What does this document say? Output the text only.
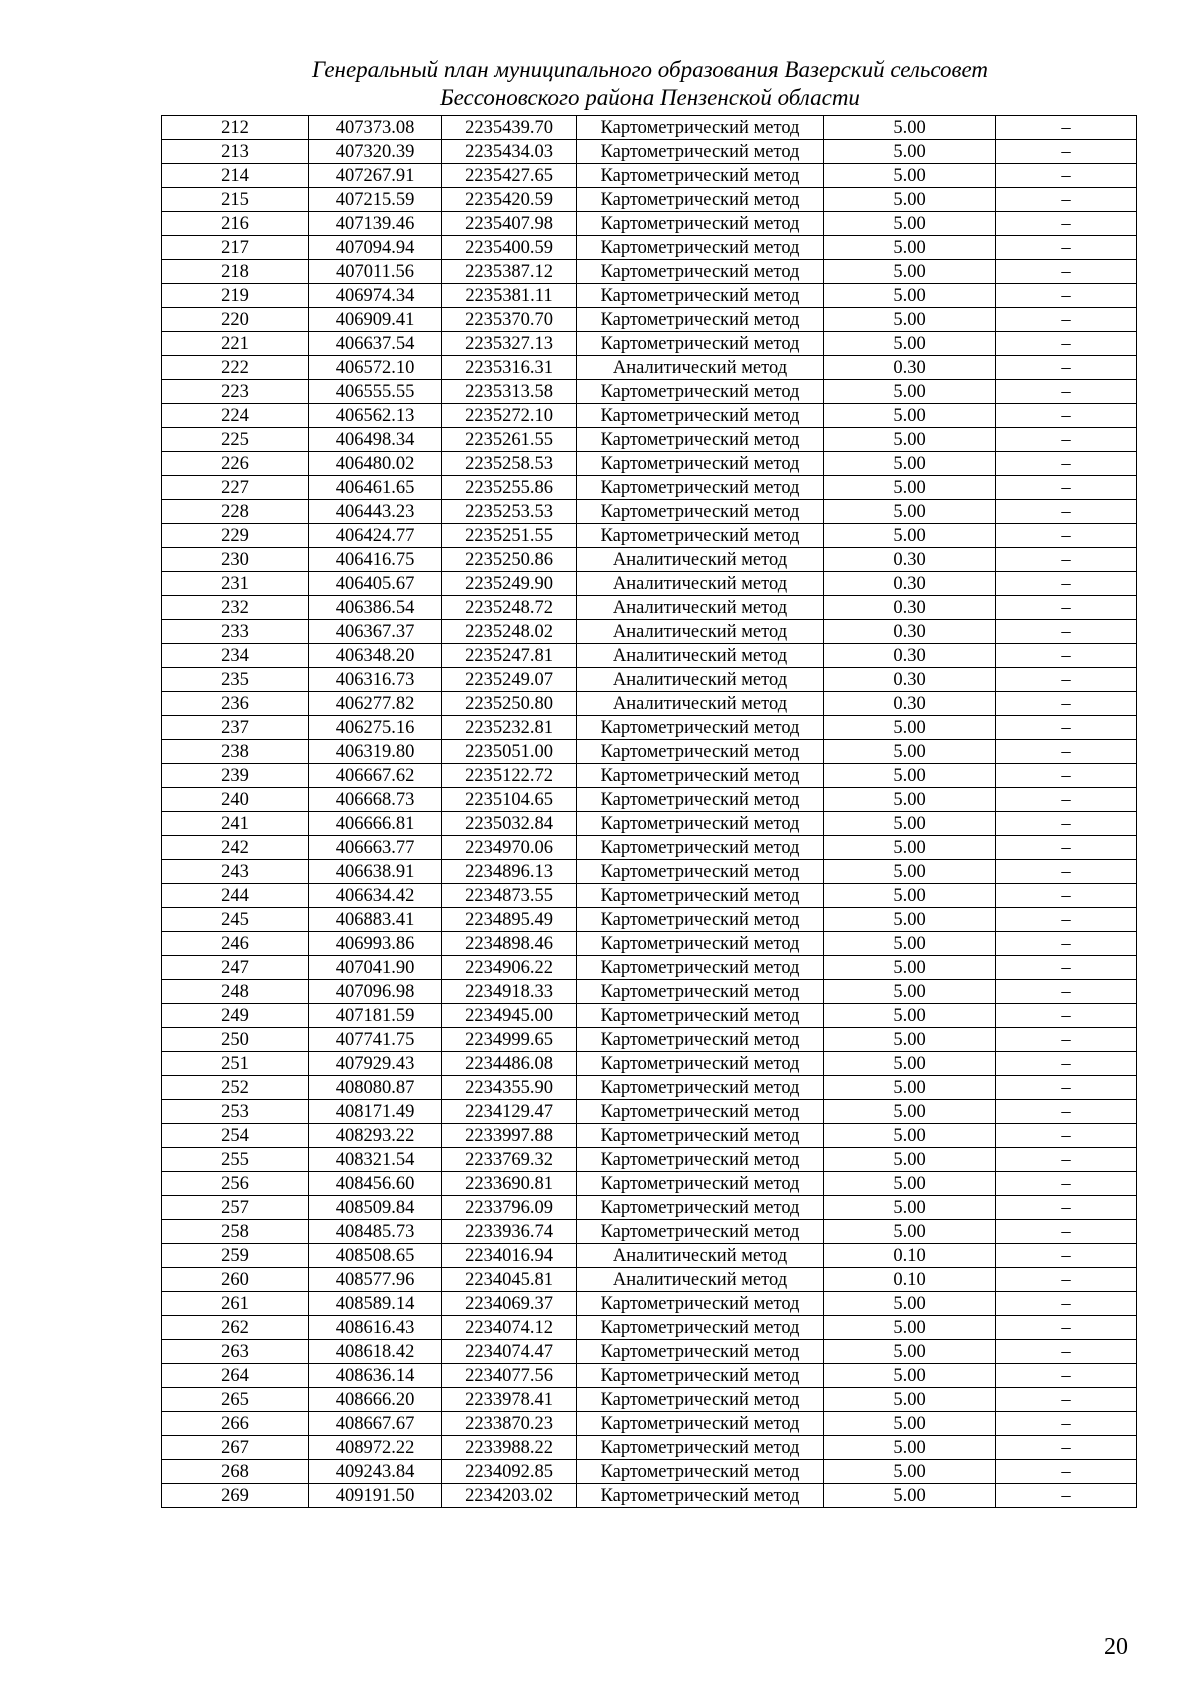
Генеральный план муниципального образования Вазерский сельсовет
Бессоновского района Пензенской области
212	407373.08	2235439.70	Картометрический метод	5.00	–
213	407320.39	2235434.03	Картометрический метод	5.00	–
214	407267.91	2235427.65	Картометрический метод	5.00	–
215	407215.59	2235420.59	Картометрический метод	5.00	–
216	407139.46	2235407.98	Картометрический метод	5.00	–
217	407094.94	2235400.59	Картометрический метод	5.00	–
218	407011.56	2235387.12	Картометрический метод	5.00	–
219	406974.34	2235381.11	Картометрический метод	5.00	–
220	406909.41	2235370.70	Картометрический метод	5.00	–
221	406637.54	2235327.13	Картометрический метод	5.00	–
222	406572.10	2235316.31	Аналитический метод	0.30	–
223	406555.55	2235313.58	Картометрический метод	5.00	–
224	406562.13	2235272.10	Картометрический метод	5.00	–
225	406498.34	2235261.55	Картометрический метод	5.00	–
226	406480.02	2235258.53	Картометрический метод	5.00	–
227	406461.65	2235255.86	Картометрический метод	5.00	–
228	406443.23	2235253.53	Картометрический метод	5.00	–
229	406424.77	2235251.55	Картометрический метод	5.00	–
230	406416.75	2235250.86	Аналитический метод	0.30	–
231	406405.67	2235249.90	Аналитический метод	0.30	–
232	406386.54	2235248.72	Аналитический метод	0.30	–
233	406367.37	2235248.02	Аналитический метод	0.30	–
234	406348.20	2235247.81	Аналитический метод	0.30	–
235	406316.73	2235249.07	Аналитический метод	0.30	–
236	406277.82	2235250.80	Аналитический метод	0.30	–
237	406275.16	2235232.81	Картометрический метод	5.00	–
238	406319.80	2235051.00	Картометрический метод	5.00	–
239	406667.62	2235122.72	Картометрический метод	5.00	–
240	406668.73	2235104.65	Картометрический метод	5.00	–
241	406666.81	2235032.84	Картометрический метод	5.00	–
242	406663.77	2234970.06	Картометрический метод	5.00	–
243	406638.91	2234896.13	Картометрический метод	5.00	–
244	406634.42	2234873.55	Картометрический метод	5.00	–
245	406883.41	2234895.49	Картометрический метод	5.00	–
246	406993.86	2234898.46	Картометрический метод	5.00	–
247	407041.90	2234906.22	Картометрический метод	5.00	–
248	407096.98	2234918.33	Картометрический метод	5.00	–
249	407181.59	2234945.00	Картометрический метод	5.00	–
250	407741.75	2234999.65	Картометрический метод	5.00	–
251	407929.43	2234486.08	Картометрический метод	5.00	–
252	408080.87	2234355.90	Картометрический метод	5.00	–
253	408171.49	2234129.47	Картометрический метод	5.00	–
254	408293.22	2233997.88	Картометрический метод	5.00	–
255	408321.54	2233769.32	Картометрический метод	5.00	–
256	408456.60	2233690.81	Картометрический метод	5.00	–
257	408509.84	2233796.09	Картометрический метод	5.00	–
258	408485.73	2233936.74	Картометрический метод	5.00	–
259	408508.65	2234016.94	Аналитический метод	0.10	–
260	408577.96	2234045.81	Аналитический метод	0.10	–
261	408589.14	2234069.37	Картометрический метод	5.00	–
262	408616.43	2234074.12	Картометрический метод	5.00	–
263	408618.42	2234074.47	Картометрический метод	5.00	–
264	408636.14	2234077.56	Картометрический метод	5.00	–
265	408666.20	2233978.41	Картометрический метод	5.00	–
266	408667.67	2233870.23	Картометрический метод	5.00	–
267	408972.22	2233988.22	Картометрический метод	5.00	–
268	409243.84	2234092.85	Картометрический метод	5.00	–
269	409191.50	2234203.02	Картометрический метод	5.00	–
20
